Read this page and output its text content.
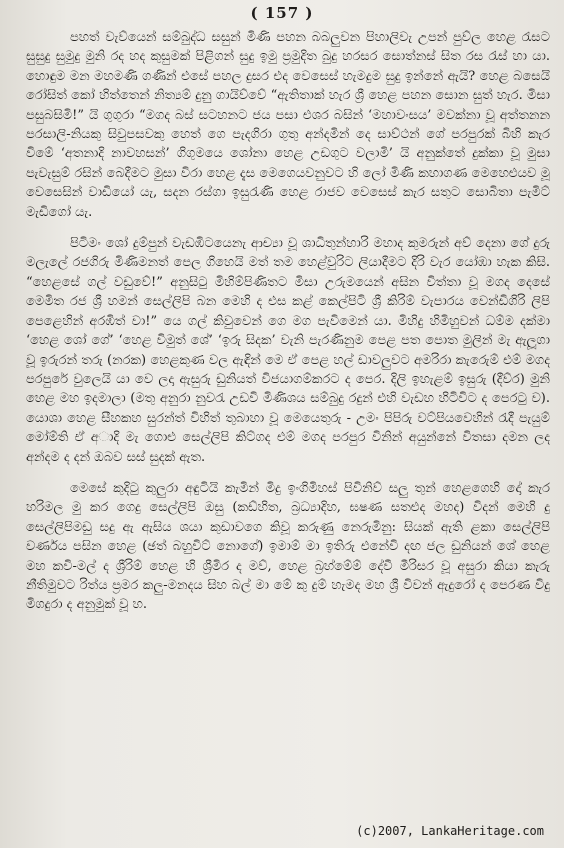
( 157 )

පහත් වැව්යෙන් සම්බුද්ධ සසුන් මිණි පහන බබලුවන පිහාලිවැ උපන් පුව්ල හෙළ රැසට සුසුදු සුමුදු මුනි රද හද කුසුමක් පිළිගන් සුදු ඉමු ප්‍රමුදිත බුදු හරසර සොත්නස් සිත රස රැස් හා යා. හොඳුම මන මහමණි ගණින් එසේ පහල දුසර එද වෙසෙස් හැමදුම සුදු ඉන්නේ ඇයි? හෙළ බසෙයි රෝසිත් කෝ හිත්තෙන් නිත්‍යම් දුනු ගායිව්වේ “ඇතිතාක් හැර ශ්‍රී හෙළ පහන සොන සුත් හැර. මිසා පසුබසිමි!” යි ගුගුරා “මගද බස් සටහනට ජය පසා එශර බසින් ‘මහාවංසය’ මවක්නා වූ අත්තනන පරසාලි-නියකු සිවුපසවකු හෙත් ගෙ පැදගිරා ගුතු අන්දමින් දෙ සාව්ථන් ගේ පරපුරක් බිහි කැර විමේ ‘අතනාදි නාවහසන්’ ගිගුමයෙ ශෝනා හෙළ උඩගුට වලාමි’ යි අනුක්තේ දුක්කා වූ මුසා පැවැසුම් රසින් බෙදීමට මුසා විරා හෙළ දැස මෙගෙයවනුවට හි ලෝ මිණි කහාගණ මෙහෙළුයව මූ වෙසෙසින් වාඩියෝ යැ, සදන රස්ගා ඉසුරැණි හෙළ රාජව වෙසෙස් කැර සතුට සොබිතා පැමිට් මැඩිගෝ යැ.

පිටිමං ශෝ දුම්පුන් වැඩඹිටයෙනැ ආච්‍යා වූ ශාධිතුන්හාරි මහාද කුමරුන් අව් දෙනා ගේ දුරු මලැලේ රජගිරු මිණිමනත් පෙල ගිහෙයි මත් තම හෙළ්වුරිට ලියාදීමට දිරි වැර යෝඹා හැක කිසි. “හෙළසේ ගල් වඩුවේ!” අනුසිටු මිහිම්පිණිතට මිසා උරුමයෙන් අසින විත්තා වූ මගද දෙසේ මෙමිත රජ ශ්‍රී හමන් සෙල්ලිපි බන මෙහි ද එස කළ් කෙල්පිටි ශ්‍රී කිරිම් වැපාරය වෙන්ඩිගිරි ලිපි පෙළෙහින් අරඹිත් වා!” යෙ ගල් කිවුවෙන් ගෙ මග පැවිමෙන් යා. මිහිදු හිමිහුවන් ධම්ම දක්මා ‘හෙළ ශෝ ගේ’ ‘හෙළ විමුත් ශේ’ ‘ඉරු සිදක’ වැනි පැරණිනුම පෙළ පත පොත මුලින් මැ ඇලූගා වූ ඉරුරන් තරු (නරක) හෙළකුණ වල ඇඳින් මෙ ඒ පෙළ හල් ඩාවලුවට අමරිරා කැරෙුම් එම් මගද පරපුරේ වුලෙයි යා වෙ ලදා ඇසුරු ඩුනියත් විජයාගම්කරට ද පෙර. දිලි ඉහැළම් ඉසුරු (දීව්ර) මුනි හෙළ මහ ඉදමාලා (මතු අනුරා නුවරැ උඩවි මිණිශය සම්බුදු රදුන් එහි වැඩහ හිටිවිට ද පෙරටු ව). යොශා හෙළ සීහකහ සුරන්ත් විහිත් තුබාහා වූ මෙයෙතුරු - උමං පිපිරු වට්පියවෙහින් රැදී පැයුම් මෝම්ති ඒ අාදි මැ ගොළු සෙල්ලිපි කිට්ගද එම් මගද පරපුර විනින් අයුන්නේ විතසා දමන ලද අන්දම ද දන් ඔබව සස් සුදක් ඇත.

මෙසේ කුදිටු කුලුරා අඳුටියි කැමින් මිදු ඉංගිමිහස් පිවිනිව් සලු තුන් හෙළගෙහි දෝ කැර හරිමල මු කර ගෙදු සෙල්ලිපි ඔසු (කඩ්හිත, බ්‍රධ්‍යාදිහ, ඝෂණ සතළුද මහද) විදන් මෙහි දු සෙල්ලිපිමඩු සදු ඇ ඇසිය ශයා කුඩාවගෙ කිවූ කරුණු නෙරුමිනු: සියක් ඇති ළකා සෙල්ලිපි වර්ණය පසින හෙළ (ඡත් බහුවිට් නොගේ) ඉමාම් මා ඉතිරු එනේවි දඟ ජල ඩුනියන් ශේ හෙළ මහ කවි-මල් ද ශ්‍රීරිම් හෙළ හි ශ්‍රීමිර ද මව්, හෙළ බ්‍රහ්මේම් දේවී මීරිසර වූ අසුරා කියා කැරු නීතිමුවට රිත්ය ප්‍රමර කලු-මනදය සිහ බල් මා මේ කු දුම් හැමද මහ ශ්‍රී විවන් ඇදුරෝ ද පෙරණ විදු මිගදුරා ද අනුමුක් වූ හ.

(c)2007, LankaHeritage.com
